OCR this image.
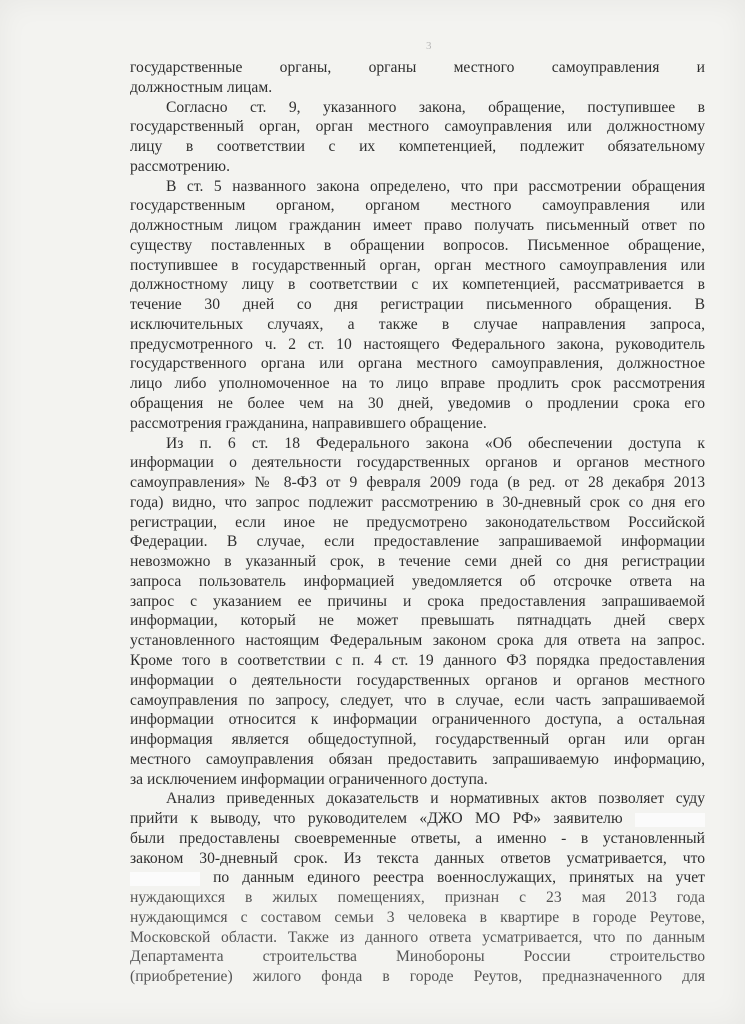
3
государственные органы, органы местного самоуправления и
должностным лицам.
Согласно ст. 9, указанного закона, обращение, поступившее в
государственный орган, орган местного самоуправления или должностному
лицу в соответствии с их компетенцией, подлежит обязательному
рассмотрению.
В ст. 5 названного закона определено, что при рассмотрении обращения
государственным органом, органом местного самоуправления или
должностным лицом гражданин имеет право получать письменный ответ по
существу поставленных в обращении вопросов. Письменное обращение,
поступившее в государственный орган, орган местного самоуправления или
должностному лицу в соответствии с их компетенцией, рассматривается в
течение 30 дней со дня регистрации письменного обращения. В
исключительных случаях, а также в случае направления запроса,
предусмотренного ч. 2 ст. 10 настоящего Федерального закона, руководитель
государственного органа или органа местного самоуправления, должностное
лицо либо уполномоченное на то лицо вправе продлить срок рассмотрения
обращения не более чем на 30 дней, уведомив о продлении срока его
рассмотрения гражданина, направившего обращение.
Из п. 6 ст. 18 Федерального закона «Об обеспечении доступа к
информации о деятельности государственных органов и органов местного
самоуправления» № 8-ФЗ от 9 февраля 2009 года (в ред. от 28 декабря 2013
года) видно, что запрос подлежит рассмотрению в 30-дневный срок со дня его
регистрации, если иное не предусмотрено законодательством Российской
Федерации. В случае, если предоставление запрашиваемой информации
невозможно в указанный срок, в течение семи дней со дня регистрации
запроса пользователь информацией уведомляется об отсрочке ответа на
запрос с указанием ее причины и срока предоставления запрашиваемой
информации, который не может превышать пятнадцать дней сверх
установленного настоящим Федеральным законом срока для ответа на запрос.
Кроме того в соответствии с п. 4 ст. 19 данного ФЗ порядка предоставления
информации о деятельности государственных органов и органов местного
самоуправления по запросу, следует, что в случае, если часть запрашиваемой
информации относится к информации ограниченного доступа, а остальная
информация является общедоступной, государственный орган или орган
местного самоуправления обязан предоставить запрашиваемую информацию,
за исключением информации ограниченного доступа.
Анализ приведенных доказательств и нормативных актов позволяет суду
прийти к выводу, что руководителем «ДЖО МО РФ» заявителю
были предоставлены своевременные ответы, а именно - в установленный
законом 30-дневный срок. Из текста данных ответов усматривается, что
по данным единого реестра военнослужащих, принятых на учет
нуждающихся в жилых помещениях, признан с 23 мая 2013 года
нуждающимся с составом семьи 3 человека в квартире в городе Реутове,
Московской области. Также из данного ответа усматривается, что по данным
Департамента строительства Минобороны России строительство
(приобретение) жилого фонда в городе Реутов, предназначенного для
